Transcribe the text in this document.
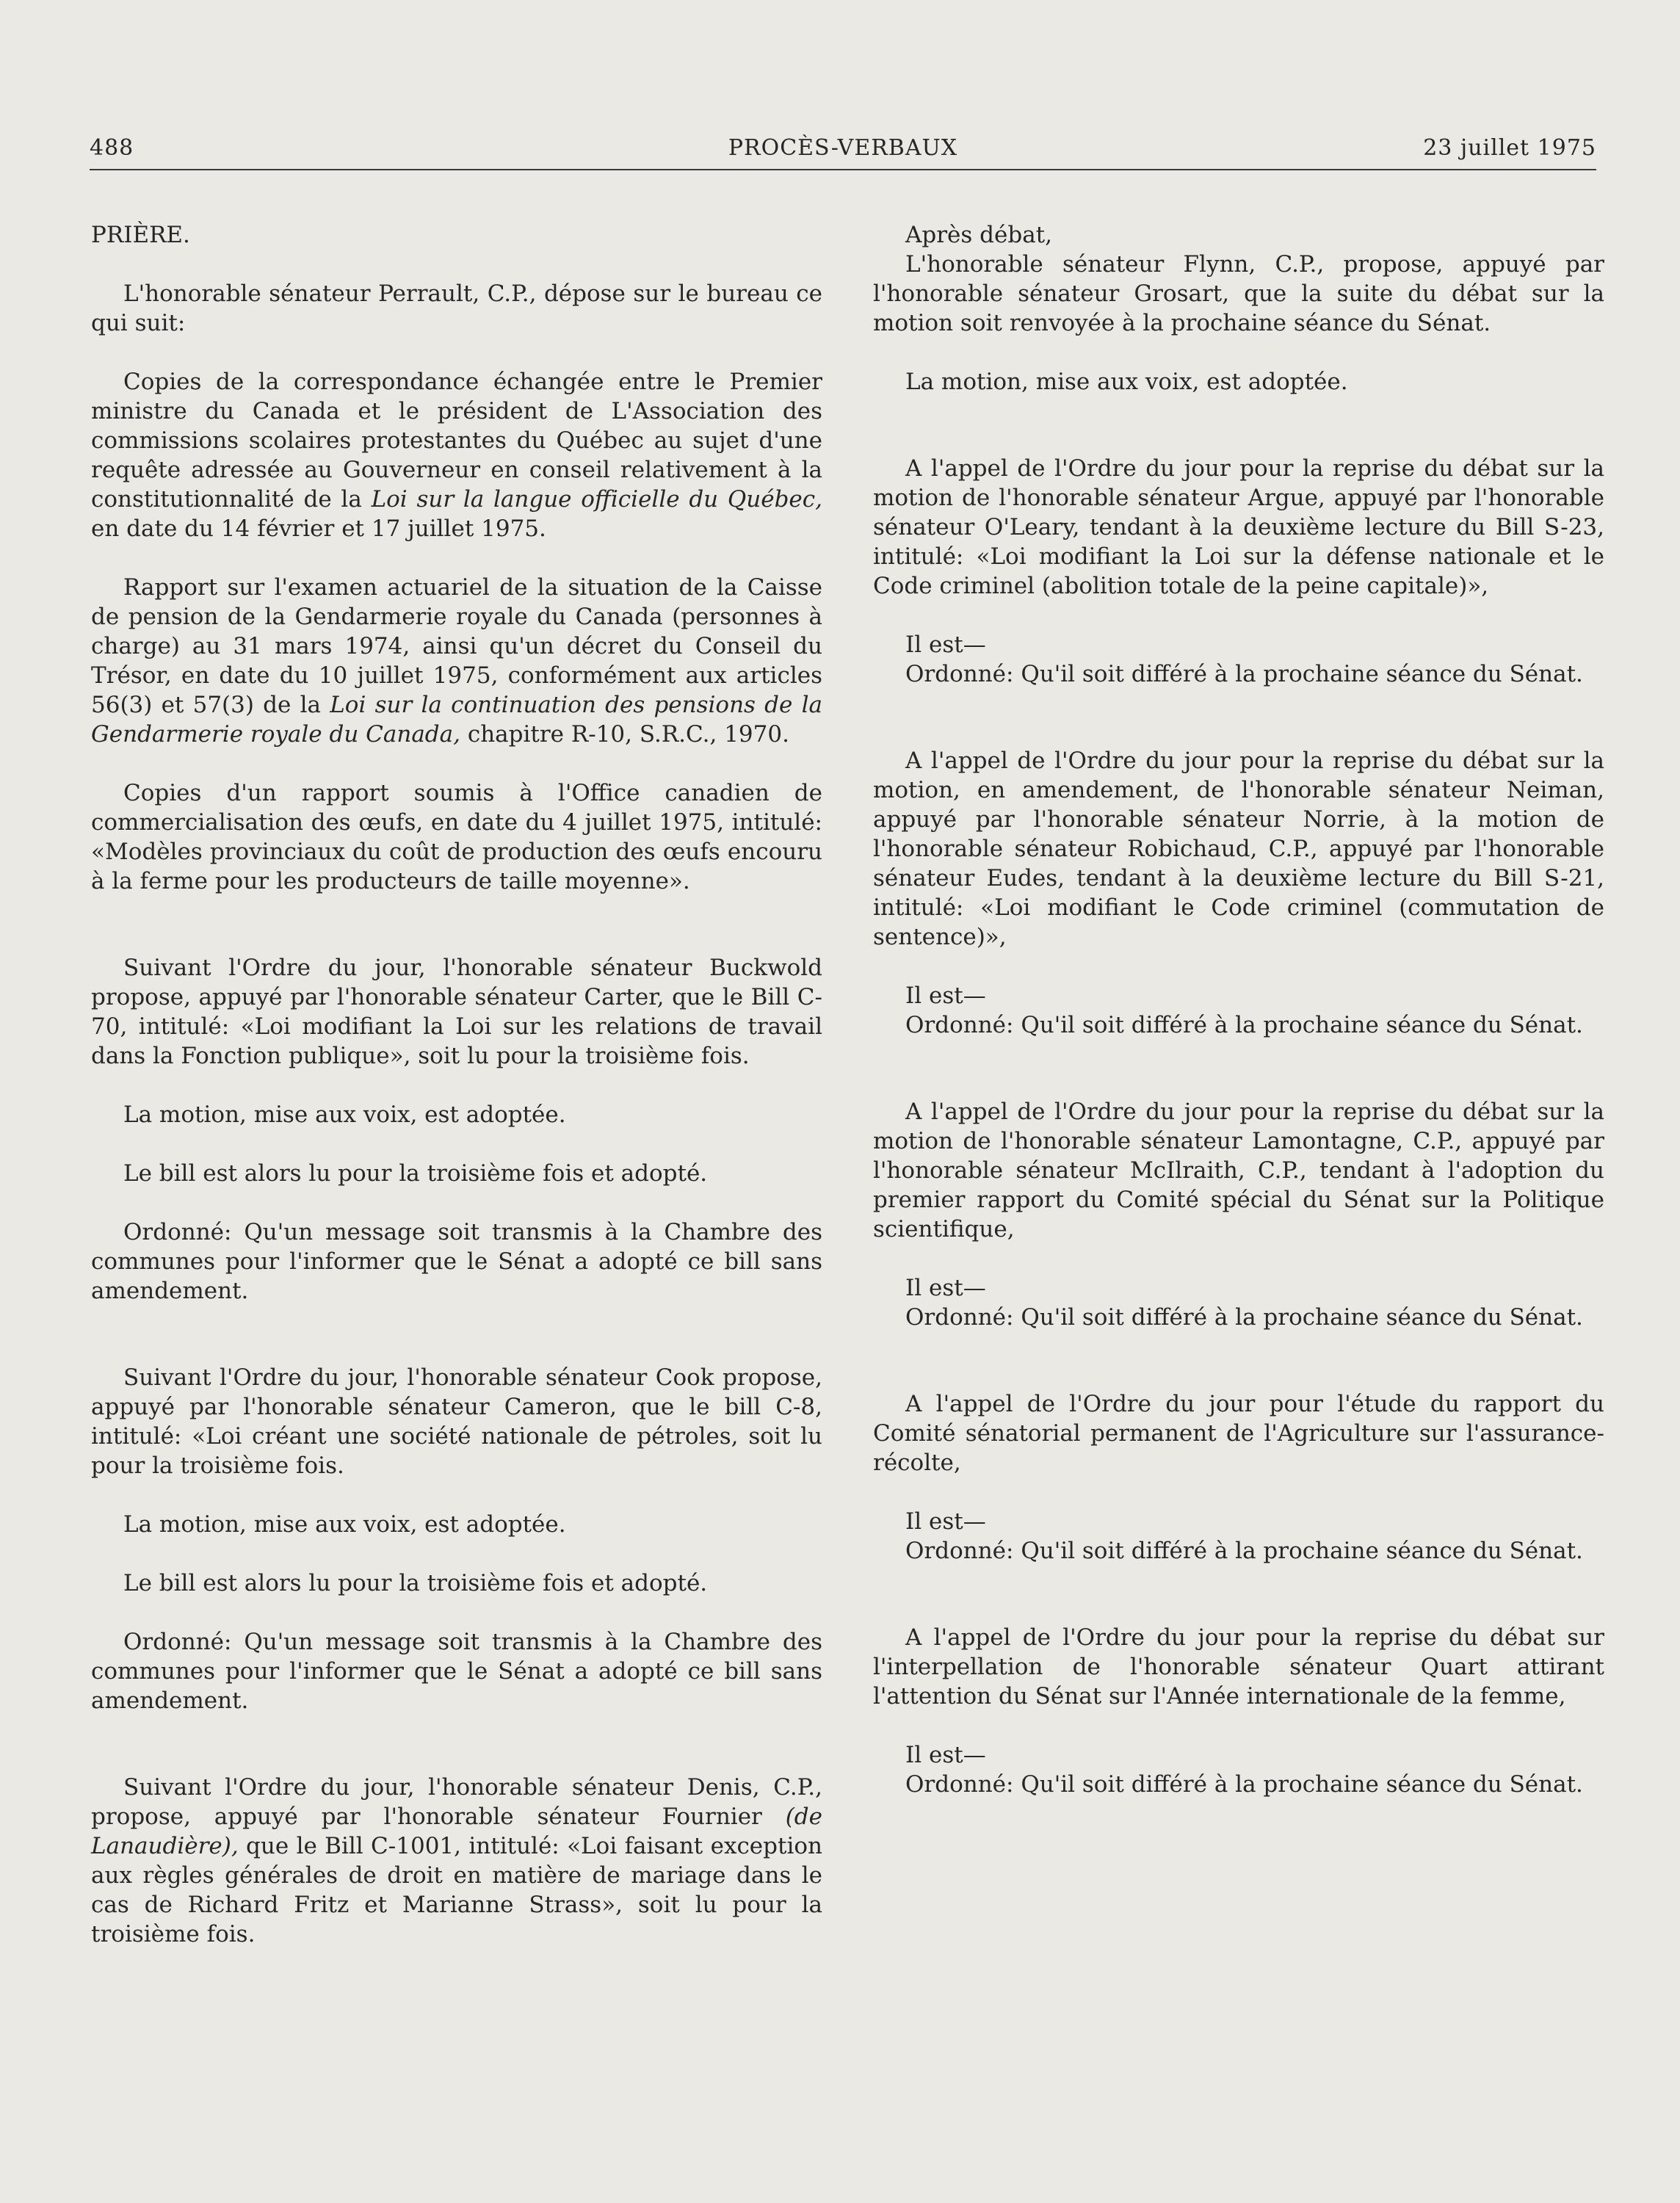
488	PROCÈS-VERBAUX	23 juillet 1975

PRIÈRE.

L'honorable sénateur Perrault, C.P., dépose sur le bureau ce qui suit:

Copies de la correspondance échangée entre le Premier ministre du Canada et le président de L'Association des commissions scolaires protestantes du Québec au sujet d'une requête adressée au Gouverneur en conseil relativement à la constitutionnalité de la Loi sur la langue officielle du Québec, en date du 14 février et 17 juillet 1975.

Rapport sur l'examen actuariel de la situation de la Caisse de pension de la Gendarmerie royale du Canada (personnes à charge) au 31 mars 1974, ainsi qu'un décret du Conseil du Trésor, en date du 10 juillet 1975, conformément aux articles 56(3) et 57(3) de la Loi sur la continuation des pensions de la Gendarmerie royale du Canada, chapitre R-10, S.R.C., 1970.

Copies d'un rapport soumis à l'Office canadien de commercialisation des œufs, en date du 4 juillet 1975, intitulé: «Modèles provinciaux du coût de production des œufs encouru à la ferme pour les producteurs de taille moyenne».

Suivant l'Ordre du jour, l'honorable sénateur Buckwold propose, appuyé par l'honorable sénateur Carter, que le Bill C-70, intitulé: «Loi modifiant la Loi sur les relations de travail dans la Fonction publique», soit lu pour la troisième fois.

La motion, mise aux voix, est adoptée.

Le bill est alors lu pour la troisième fois et adopté.

Ordonné: Qu'un message soit transmis à la Chambre des communes pour l'informer que le Sénat a adopté ce bill sans amendement.

Suivant l'Ordre du jour, l'honorable sénateur Cook propose, appuyé par l'honorable sénateur Cameron, que le bill C-8, intitulé: «Loi créant une société nationale de pétroles, soit lu pour la troisième fois.

La motion, mise aux voix, est adoptée.

Le bill est alors lu pour la troisième fois et adopté.

Ordonné: Qu'un message soit transmis à la Chambre des communes pour l'informer que le Sénat a adopté ce bill sans amendement.

Suivant l'Ordre du jour, l'honorable sénateur Denis, C.P., propose, appuyé par l'honorable sénateur Fournier (de Lanaudière), que le Bill C-1001, intitulé: «Loi faisant exception aux règles générales de droit en matière de mariage dans le cas de Richard Fritz et Marianne Strass», soit lu pour la troisième fois.

Après débat,

L'honorable sénateur Flynn, C.P., propose, appuyé par l'honorable sénateur Grosart, que la suite du débat sur la motion soit renvoyée à la prochaine séance du Sénat.

La motion, mise aux voix, est adoptée.

A l'appel de l'Ordre du jour pour la reprise du débat sur la motion de l'honorable sénateur Argue, appuyé par l'honorable sénateur O'Leary, tendant à la deuxième lecture du Bill S-23, intitulé: «Loi modifiant la Loi sur la défense nationale et le Code criminel (abolition totale de la peine capitale)»,

Il est—

Ordonné: Qu'il soit différé à la prochaine séance du Sénat.

A l'appel de l'Ordre du jour pour la reprise du débat sur la motion, en amendement, de l'honorable sénateur Neiman, appuyé par l'honorable sénateur Norrie, à la motion de l'honorable sénateur Robichaud, C.P., appuyé par l'honorable sénateur Eudes, tendant à la deuxième lecture du Bill S-21, intitulé: «Loi modifiant le Code criminel (commutation de sentence)»,

Il est—

Ordonné: Qu'il soit différé à la prochaine séance du Sénat.

A l'appel de l'Ordre du jour pour la reprise du débat sur la motion de l'honorable sénateur Lamontagne, C.P., appuyé par l'honorable sénateur McIlraith, C.P., tendant à l'adoption du premier rapport du Comité spécial du Sénat sur la Politique scientifique,

Il est—

Ordonné: Qu'il soit différé à la prochaine séance du Sénat.

A l'appel de l'Ordre du jour pour l'étude du rapport du Comité sénatorial permanent de l'Agriculture sur l'assurance-récolte,

Il est—

Ordonné: Qu'il soit différé à la prochaine séance du Sénat.

A l'appel de l'Ordre du jour pour la reprise du débat sur l'interpellation de l'honorable sénateur Quart attirant l'attention du Sénat sur l'Année internationale de la femme,

Il est—

Ordonné: Qu'il soit différé à la prochaine séance du Sénat.
